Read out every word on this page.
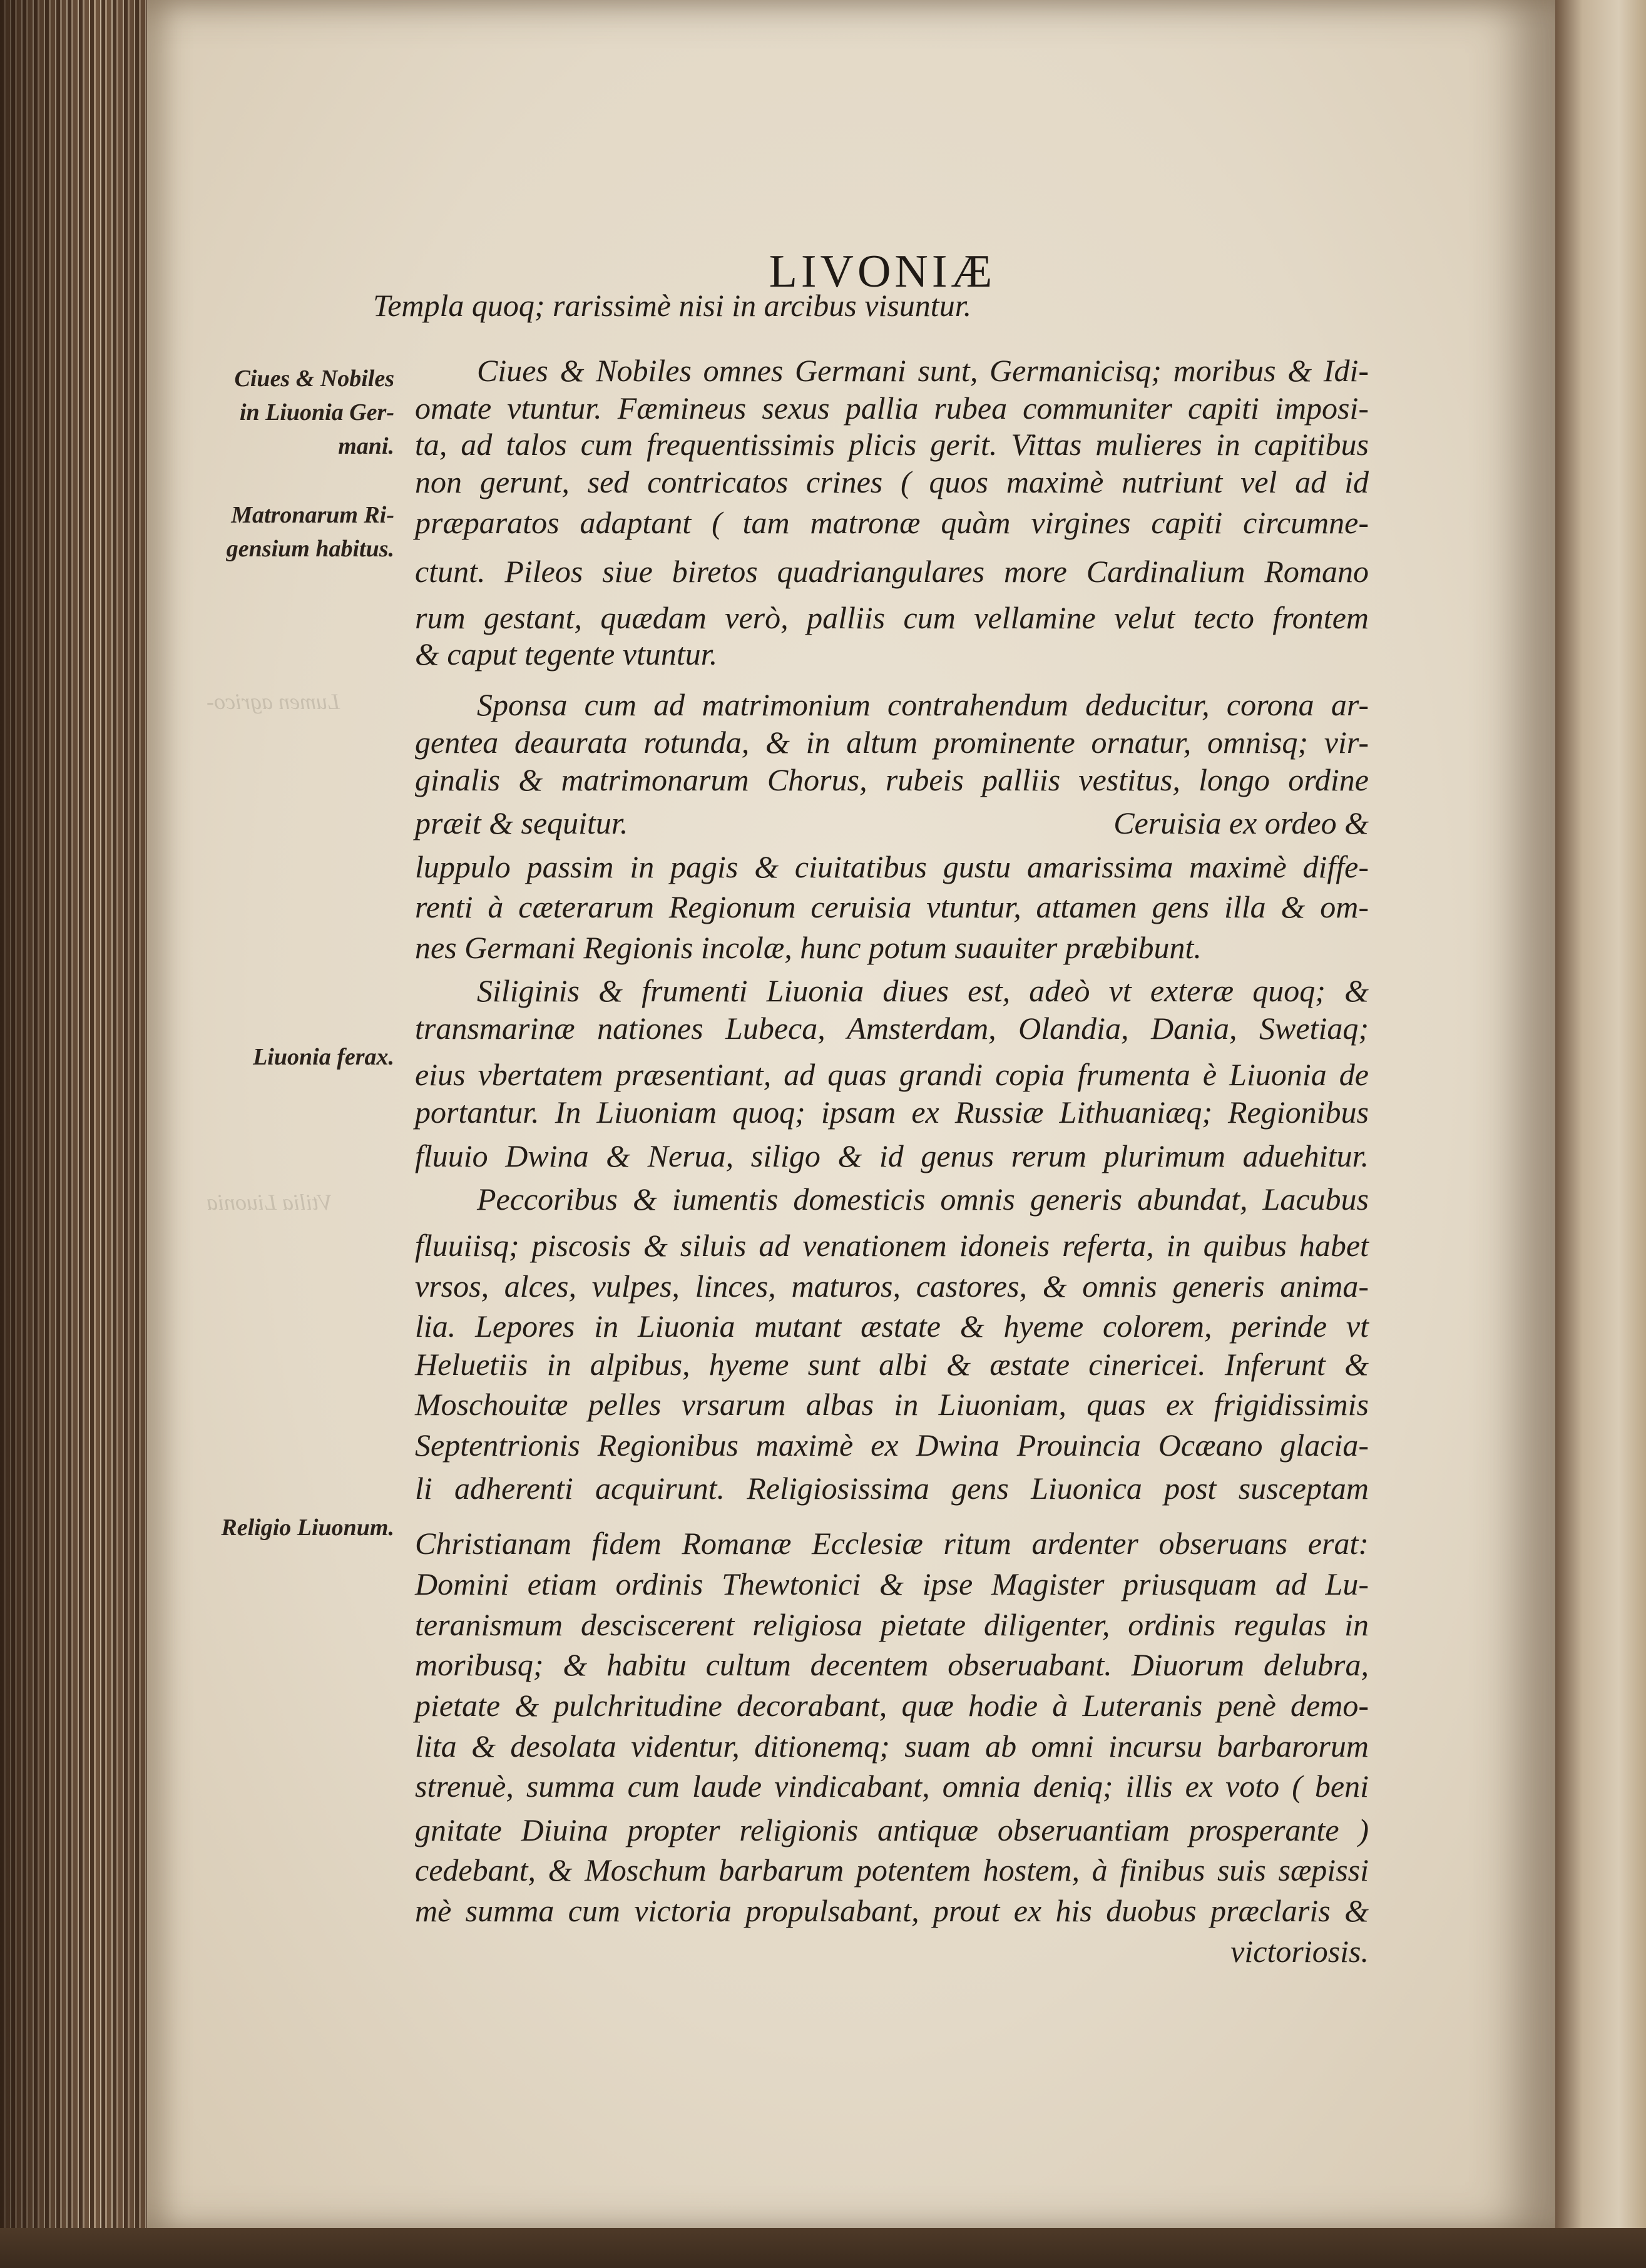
Lumen agrico-
Vtilia Liuonia
LIVONIÆ
Ciues & Nobiles
in Liuonia Ger-
mani.
Matronarum Ri-
gensium habitus.
Liuonia ferax.
Religio Liuonum.
Templa quoq; rarissimè nisi in arcibus visuntur.
Ciues & Nobiles omnes Germani sunt, Germanicisq; moribus & Idi-
omate vtuntur. Fæmineus sexus pallia rubea communiter capiti imposi-
ta, ad talos cum frequentissimis plicis gerit. Vittas mulieres in capitibus
non gerunt, sed contricatos crines ( quos maximè nutriunt vel ad id
præparatos adaptant ( tam matronæ quàm virgines capiti circumne-
ctunt. Pileos siue biretos quadriangulares more Cardinalium Romano
rum gestant, quædam verò, palliis cum vellamine velut tecto frontem
& caput tegente vtuntur.
Sponsa cum ad matrimonium contrahendum deducitur, corona ar-
gentea deaurata rotunda, & in altum prominente ornatur, omnisq; vir-
ginalis & matrimonarum Chorus, rubeis palliis vestitus, longo ordine
præit & sequitur.	Ceruisia ex ordeo &
luppulo passim in pagis & ciuitatibus gustu amarissima maximè diffe-
renti à cæterarum Regionum ceruisia vtuntur, attamen gens illa & om-
nes Germani Regionis incolæ, hunc potum suauiter præbibunt.
Siliginis & frumenti Liuonia diues est, adeò vt exteræ quoq; &
transmarinæ nationes Lubeca, Amsterdam, Olandia, Dania, Swetiaq;
eius vbertatem præsentiant, ad quas grandi copia frumenta è Liuonia de
portantur. In Liuoniam quoq; ipsam ex Russiæ Lithuaniæq; Regionibus
fluuio Dwina & Nerua, siligo & id genus rerum plurimum aduehitur.
Peccoribus & iumentis domesticis omnis generis abundat, Lacubus
fluuiisq; piscosis & siluis ad venationem idoneis referta, in quibus habet
vrsos, alces, vulpes, linces, maturos, castores, & omnis generis anima-
lia. Lepores in Liuonia mutant æstate & hyeme colorem, perinde vt
Heluetiis in alpibus, hyeme sunt albi & æstate cinericei. Inferunt &
Moschouitæ pelles vrsarum albas in Liuoniam, quas ex frigidissimis
Septentrionis Regionibus maximè ex Dwina Prouincia Ocæano glacia-
li adherenti acquirunt. Religiosissima gens Liuonica post susceptam
Christianam fidem Romanæ Ecclesiæ ritum ardenter obseruans erat:
Domini etiam ordinis Thewtonici & ipse Magister priusquam ad Lu-
teranismum desciscerent religiosa pietate diligenter, ordinis regulas in
moribusq; & habitu cultum decentem obseruabant. Diuorum delubra,
pietate & pulchritudine decorabant, quæ hodie à Luteranis penè demo-
lita & desolata videntur, ditionemq; suam ab omni incursu barbarorum
strenuè, summa cum laude vindicabant, omnia deniq; illis ex voto ( beni
gnitate Diuina propter religionis antiquæ obseruantiam prosperante )
cedebant, & Moschum barbarum potentem hostem, à finibus suis sæpissi
mè summa cum victoria propulsabant, prout ex his duobus præclaris &
victoriosis.
